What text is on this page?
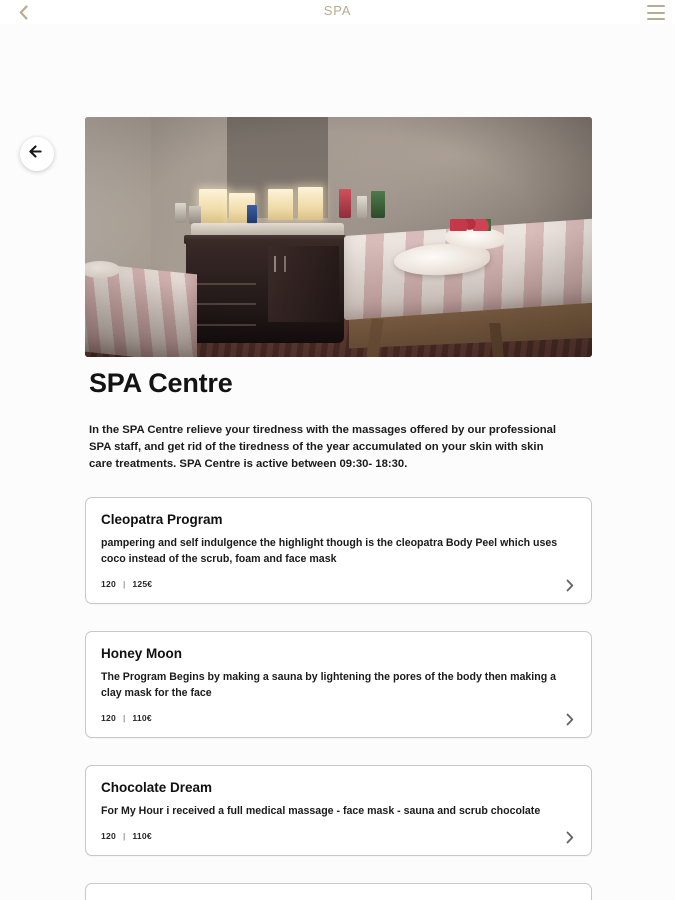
SPA
SPA Centre

In the SPA Centre relieve your tiredness with the massages offered by our professional SPA staff, and get rid of the tiredness of the year accumulated on your skin with skin care treatments. SPA Centre is active between 09:30- 18:30.

Cleopatra Program
pampering and self indulgence the highlight though is the cleopatra Body Peel which uses coco instead of the scrub, foam and face mask
120 | 125€
Honey Moon
The Program Begins by making a sauna by lightening the pores of the body then making a clay mask for the face
120 | 110€
Chocolate Dream
For My Hour i received a full medical massage - face mask - sauna and scrub chocolate
120 | 110€
